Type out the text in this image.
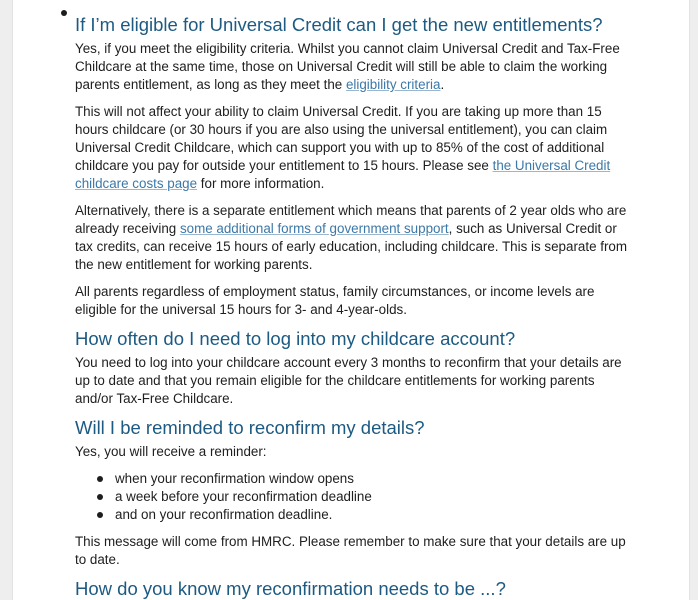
If I’m eligible for Universal Credit can I get the new entitlements?

Yes, if you meet the eligibility criteria. Whilst you cannot claim Universal Credit and Tax-Free Childcare at the same time, those on Universal Credit will still be able to claim the working parents entitlement, as long as they meet the eligibility criteria.

This will not affect your ability to claim Universal Credit. If you are taking up more than 15 hours childcare (or 30 hours if you are also using the universal entitlement), you can claim Universal Credit Childcare, which can support you with up to 85% of the cost of additional childcare you pay for outside your entitlement to 15 hours. Please see the Universal Credit childcare costs page for more information.

Alternatively, there is a separate entitlement which means that parents of 2 year olds who are already receiving some additional forms of government support, such as Universal Credit or tax credits, can receive 15 hours of early education, including childcare. This is separate from the new entitlement for working parents.

All parents regardless of employment status, family circumstances, or income levels are eligible for the universal 15 hours for 3- and 4-year-olds.

How often do I need to log into my childcare account?

You need to log into your childcare account every 3 months to reconfirm that your details are up to date and that you remain eligible for the childcare entitlements for working parents and/or Tax-Free Childcare.

Will I be reminded to reconfirm my details?

Yes, you will receive a reminder:

when your reconfirmation window opens
a week before your reconfirmation deadline
and on your reconfirmation deadline.

This message will come from HMRC. Please remember to make sure that your details are up to date.

How do you know my reconfirmation needs to be ...?
